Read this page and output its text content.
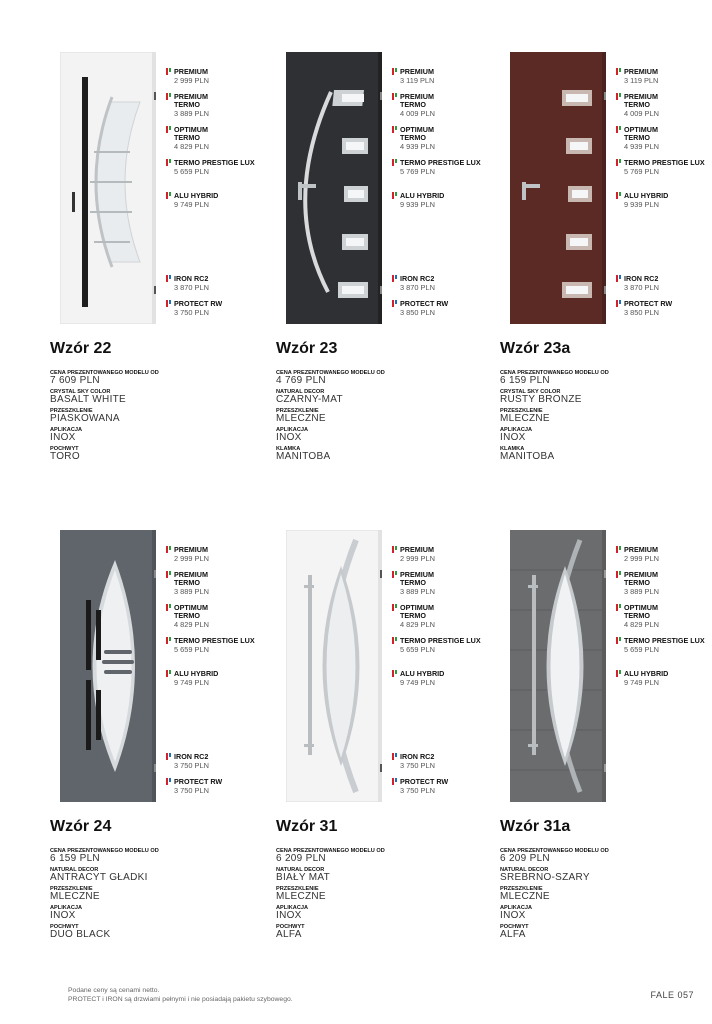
PREMIUM
2 999 PLN
PREMIUM TERMO
3 889 PLN
OPTIMUM TERMO
4 829 PLN
TERMO PRESTIGE LUX
5 659 PLN
ALU HYBRID
9 749 PLN
IRON RC2
3 870 PLN
PROTECT RW
3 750 PLN
Wzór 22
CENA PREZENTOWANEGO MODELU OD
7 609 PLN
CRYSTAL SKY COLOR
BASALT WHITE
PRZESZKLENIE
PIASKOWANA
APLIKACJA
INOX
POCHWYT
TORO
PREMIUM
3 119 PLN
PREMIUM TERMO
4 009 PLN
OPTIMUM TERMO
4 939 PLN
TERMO PRESTIGE LUX
5 769 PLN
ALU HYBRID
9 939 PLN
IRON RC2
3 870 PLN
PROTECT RW
3 850 PLN
Wzór 23
CENA PREZENTOWANEGO MODELU OD
4 769 PLN
NATURAL DECOR
CZARNY-MAT
PRZESZKLENIE
MLECZNE
APLIKACJA
INOX
KLAMKA
MANITOBA
PREMIUM
3 119 PLN
PREMIUM TERMO
4 009 PLN
OPTIMUM TERMO
4 939 PLN
TERMO PRESTIGE LUX
5 769 PLN
ALU HYBRID
9 939 PLN
IRON RC2
3 870 PLN
PROTECT RW
3 850 PLN
Wzór 23a
CENA PREZENTOWANEGO MODELU OD
6 159 PLN
CRYSTAL SKY COLOR
RUSTY BRONZE
PRZESZKLENIE
MLECZNE
APLIKACJA
INOX
KLAMKA
MANITOBA
PREMIUM
2 999 PLN
PREMIUM TERMO
3 889 PLN
OPTIMUM TERMO
4 829 PLN
TERMO PRESTIGE LUX
5 659 PLN
ALU HYBRID
9 749 PLN
IRON RC2
3 750 PLN
PROTECT RW
3 750 PLN
Wzór 24
CENA PREZENTOWANEGO MODELU OD
6 159 PLN
NATURAL DECOR
ANTRACYT GŁADKI
PRZESZKLENIE
MLECZNE
APLIKACJA
INOX
POCHWYT
DUO BLACK
PREMIUM
2 999 PLN
PREMIUM TERMO
3 889 PLN
OPTIMUM TERMO
4 829 PLN
TERMO PRESTIGE LUX
5 659 PLN
ALU HYBRID
9 749 PLN
IRON RC2
3 750 PLN
PROTECT RW
3 750 PLN
Wzór 31
CENA PREZENTOWANEGO MODELU OD
6 209 PLN
NATURAL DECOR
BIAŁY MAT
PRZESZKLENIE
MLECZNE
APLIKACJA
INOX
POCHWYT
ALFA
PREMIUM
2 999 PLN
PREMIUM TERMO
3 889 PLN
OPTIMUM TERMO
4 829 PLN
TERMO PRESTIGE LUX
5 659 PLN
ALU HYBRID
9 749 PLN
Wzór 31a
CENA PREZENTOWANEGO MODELU OD
6 209 PLN
NATURAL DECOR
SREBRNO-SZARY
PRZESZKLENIE
MLECZNE
APLIKACJA
INOX
POCHWYT
ALFA
Podane ceny są cenami netto.
PROTECT i IRON są drzwiami pełnymi i nie posiadają pakietu szybowego.	FALE 057
